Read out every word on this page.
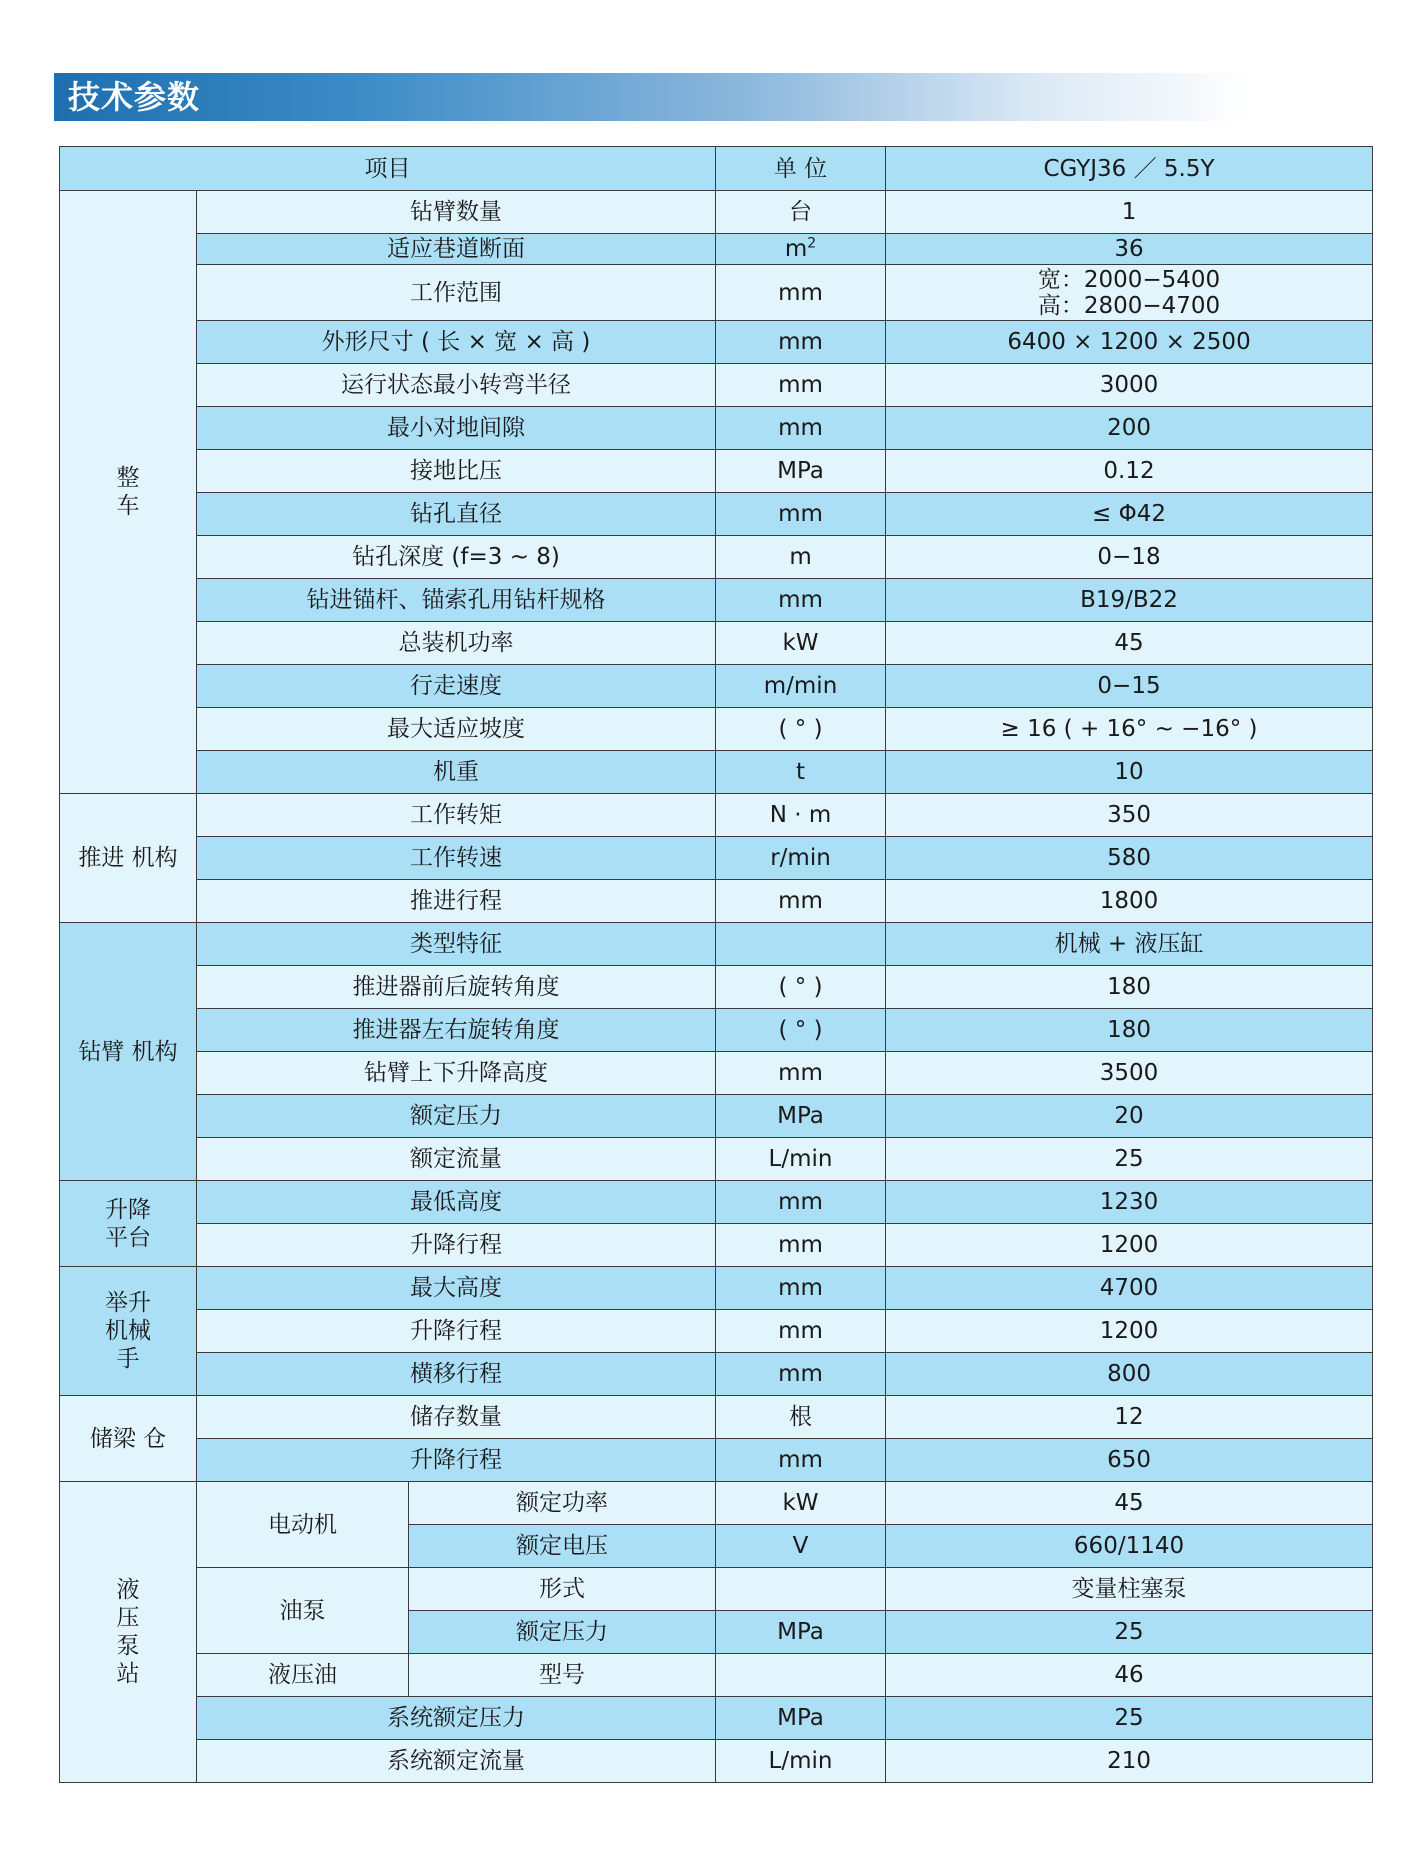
技术参数
项目			单 位	CGYJ36 ／ 5.5Y
整
车	钻臂数量		台	1
	适应巷道断面		$m^2$	36
	工作范围		mm	宽：2000−5400
高：2800−4700

	外形尺寸 ( 长 × 宽 × 高 )		mm	6400 × 1200 × 2500
	运行状态最小转弯半径		mm	3000
	最小对地间隙		mm	200
	接地比压		MPa	0.12
	钻孔直径		mm	≤ Φ42
	钻孔深度 (f=3 ~ 8)		m	0−18
	钻进锚杆、锚索孔用钻杆规格		mm	B19/B22
	总装机功率		kW	45
	行走速度		m/min	0−15
	最大适应坡度		( ° )	≥ 16 ( + 16° ~ −16° )
	机重		t	10
推进 机构	工作转矩		N · m	350
	工作转速		r/min	580
	推进行程		mm	1800
钻臂 机构	类型特征			机械 + 液压缸
	推进器前后旋转角度		( ° )	180
	推进器左右旋转角度		( ° )	180
	钻臂上下升降高度		mm	3500
	额定压力		MPa	20
	额定流量		L/min	25
升降
平台	最低高度		mm	1230
	升降行程		mm	1200
举升
机械
手	最大高度		mm	4700
	升降行程		mm	1200
	横移行程		mm	800
储梁 仓	储存数量		根	12
	升降行程		mm	650
液
压
泵
站	电动机	额定功率	kW	45
		额定电压	V	660/1140
	油泵	形式		变量柱塞泵
		额定压力	MPa	25
	液压油	型号		46
	系统额定压力		MPa	25
	系统额定流量		L/min	210
